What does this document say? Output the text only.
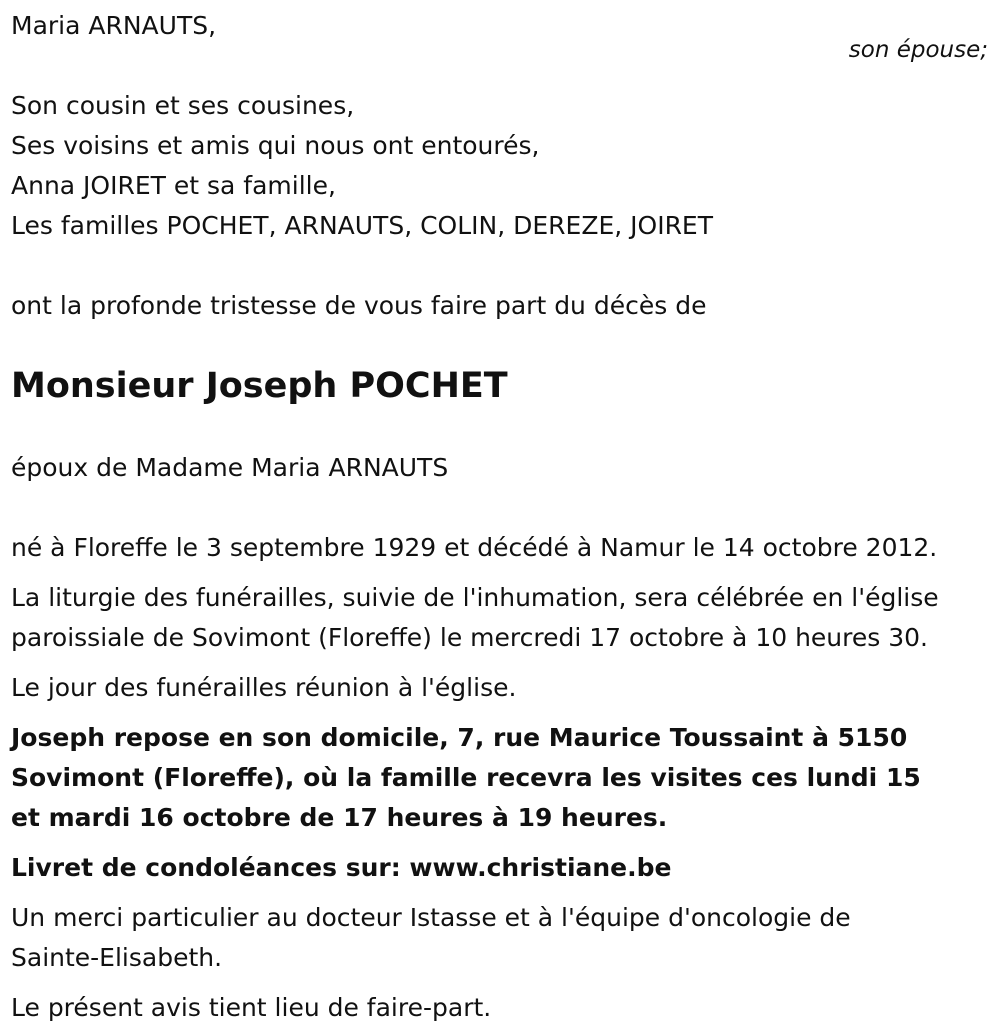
son épouse;
Maria ARNAUTS,
Son cousin et ses cousines,
Ses voisins et amis qui nous ont entourés,
Anna JOIRET et sa famille,
Les familles POCHET, ARNAUTS, COLIN, DEREZE, JOIRET
ont la profonde tristesse de vous faire part du décès de
Monsieur Joseph POCHET
époux de Madame Maria ARNAUTS
né à Floreffe le 3 septembre 1929 et décédé à Namur le 14 octobre 2012.
La liturgie des funérailles, suivie de l'inhumation, sera célébrée en l'église paroissiale de Sovimont (Floreffe) le mercredi 17 octobre à 10 heures 30.
Le jour des funérailles réunion à l'église.
Joseph repose en son domicile, 7, rue Maurice Toussaint à 5150 Sovimont (Floreffe), où la famille recevra les visites ces lundi 15 et mardi 16 octobre de 17 heures à 19 heures.
Livret de condoléances sur: www.christiane.be
Un merci particulier au docteur Istasse et à l'équipe d'oncologie de Sainte-Elisabeth.
Le présent avis tient lieu de faire-part.
